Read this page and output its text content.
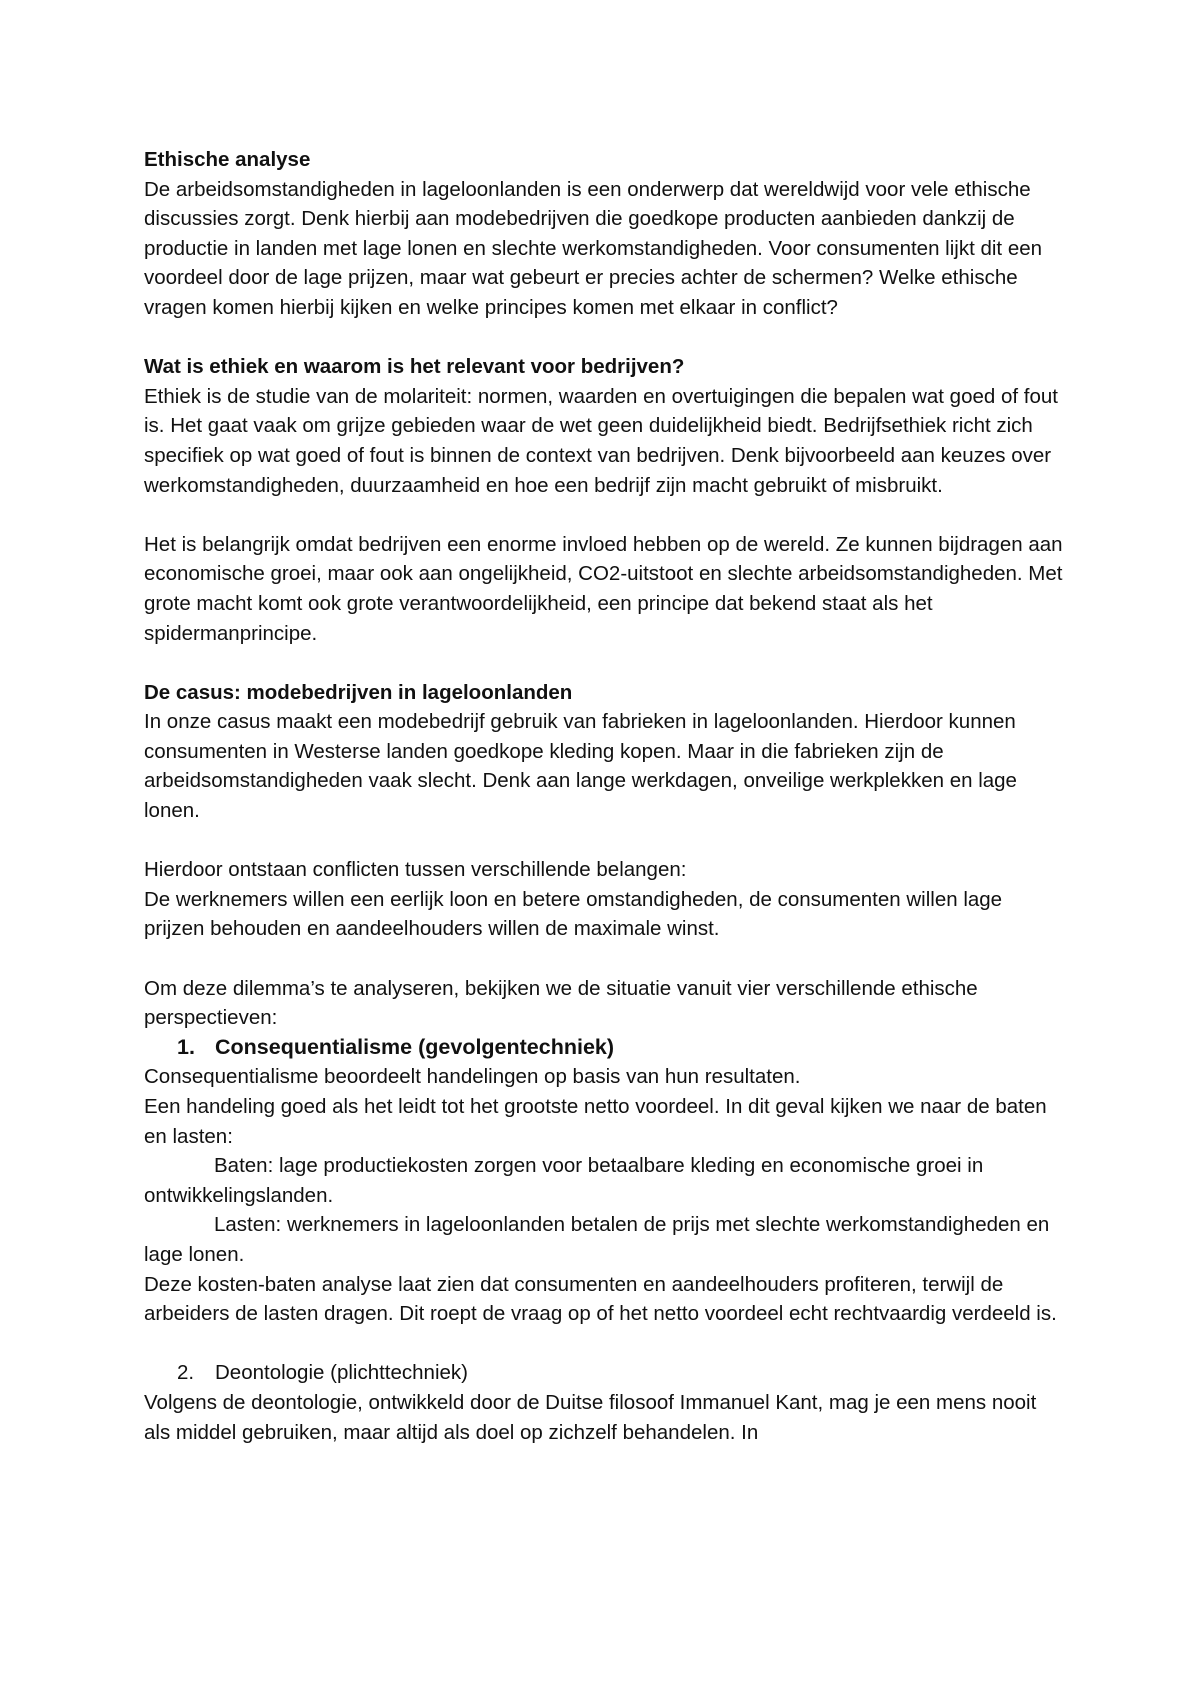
Ethische analyse

De arbeidsomstandigheden in lageloonlanden is een onderwerp dat wereldwijd voor vele ethische discussies zorgt. Denk hierbij aan modebedrijven die goedkope producten aanbieden dankzij de productie in landen met lage lonen en slechte werkomstandigheden. Voor consumenten lijkt dit een voordeel door de lage prijzen, maar wat gebeurt er precies achter de schermen? Welke ethische vragen komen hierbij kijken en welke principes komen met elkaar in conflict?

Wat is ethiek en waarom is het relevant voor bedrijven?

Ethiek is de studie van de molariteit: normen, waarden en overtuigingen die bepalen wat goed of fout is. Het gaat vaak om grijze gebieden waar de wet geen duidelijkheid biedt. Bedrijfsethiek richt zich specifiek op wat goed of fout is binnen de context van bedrijven. Denk bijvoorbeeld aan keuzes over werkomstandigheden, duurzaamheid en hoe een bedrijf zijn macht gebruikt of misbruikt.

Het is belangrijk omdat bedrijven een enorme invloed hebben op de wereld. Ze kunnen bijdragen aan economische groei, maar ook aan ongelijkheid, CO2-uitstoot en slechte arbeidsomstandigheden. Met grote macht komt ook grote verantwoordelijkheid, een principe dat bekend staat als het spidermanprincipe.

De casus: modebedrijven in lageloonlanden

In onze casus maakt een modebedrijf gebruik van fabrieken in lageloonlanden. Hierdoor kunnen consumenten in Westerse landen goedkope kleding kopen. Maar in die fabrieken zijn de arbeidsomstandigheden vaak slecht. Denk aan lange werkdagen, onveilige werkplekken en lage lonen.

Hierdoor ontstaan conflicten tussen verschillende belangen:

De werknemers willen een eerlijk loon en betere omstandigheden, de consumenten willen lage prijzen behouden en aandeelhouders willen de maximale winst.

Om deze dilemma’s te analyseren, bekijken we de situatie vanuit vier verschillende ethische perspectieven:

1. Consequentialisme (gevolgentechniek)

Consequentialisme beoordeelt handelingen op basis van hun resultaten.

Een handeling goed als het leidt tot het grootste netto voordeel. In dit geval kijken we naar de baten en lasten:

Baten: lage productiekosten zorgen voor betaalbare kleding en economische groei in ontwikkelingslanden.

Lasten: werknemers in lageloonlanden betalen de prijs met slechte werkomstandigheden en lage lonen.

Deze kosten-baten analyse laat zien dat consumenten en aandeelhouders profiteren, terwijl de arbeiders de lasten dragen. Dit roept de vraag op of het netto voordeel echt rechtvaardig verdeeld is.

2.	Deontologie (plichttechniek)

Volgens de deontologie, ontwikkeld door de Duitse filosoof Immanuel Kant, mag je een mens nooit als middel gebruiken, maar altijd als doel op zichzelf behandelen. In
